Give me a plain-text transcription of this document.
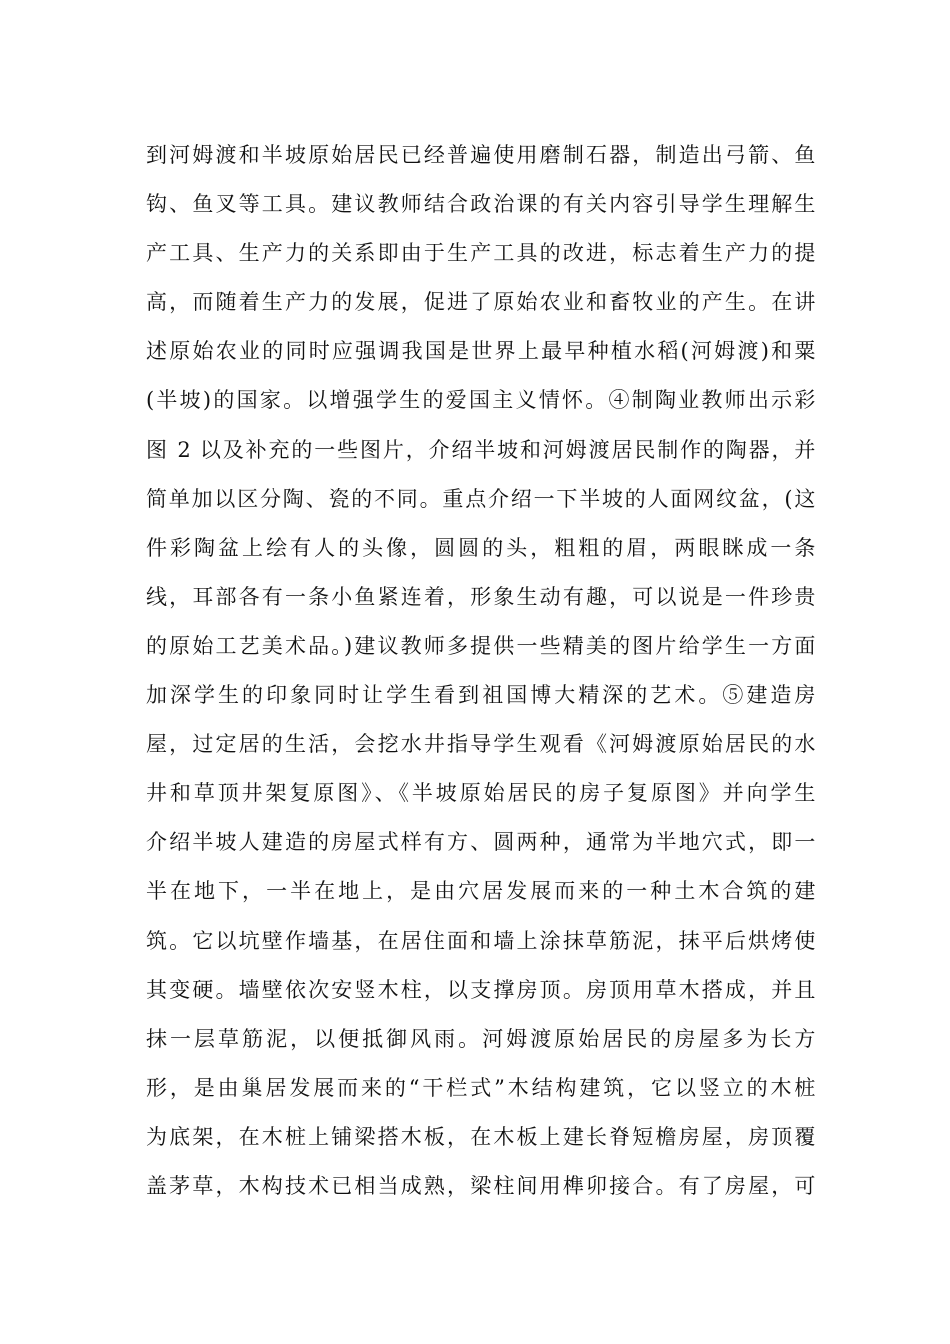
到河姆渡和半坡原始居民已经普遍使用磨制石器，制造出弓箭、鱼
钩、鱼叉等工具。建议教师结合政治课的有关内容引导学生理解生
产工具、生产力的关系即由于生产工具的改进，标志着生产力的提
高，而随着生产力的发展，促进了原始农业和畜牧业的产生。在讲
述原始农业的同时应强调我国是世界上最早种植水稻(河姆渡)和粟
(半坡)的国家。以增强学生的爱国主义情怀。④制陶业教师出示彩
图 2 以及补充的一些图片，介绍半坡和河姆渡居民制作的陶器，并
简单加以区分陶、瓷的不同。重点介绍一下半坡的人面网纹盆，(这
件彩陶盆上绘有人的头像，圆圆的头，粗粗的眉，两眼眯成一条
线，耳部各有一条小鱼紧连着，形象生动有趣，可以说是一件珍贵
的原始工艺美术品。)建议教师多提供一些精美的图片给学生一方面
加深学生的印象同时让学生看到祖国博大精深的艺术。⑤建造房
屋，过定居的生活，会挖水井指导学生观看《河姆渡原始居民的水
井和草顶井架复原图》、《半坡原始居民的房子复原图》并向学生
介绍半坡人建造的房屋式样有方、圆两种，通常为半地穴式，即一
半在地下，一半在地上，是由穴居发展而来的一种土木合筑的建
筑。它以坑壁作墙基，在居住面和墙上涂抹草筋泥，抹平后烘烤使
其变硬。墙壁依次安竖木柱，以支撑房顶。房顶用草木搭成，并且
抹一层草筋泥，以便抵御风雨。河姆渡原始居民的房屋多为长方
形，是由巢居发展而来的“干栏式”木结构建筑，它以竖立的木桩
为底架，在木桩上铺梁搭木板，在木板上建长脊短檐房屋，房顶覆
盖茅草，木构技术已相当成熟，梁柱间用榫卯接合。有了房屋，可
